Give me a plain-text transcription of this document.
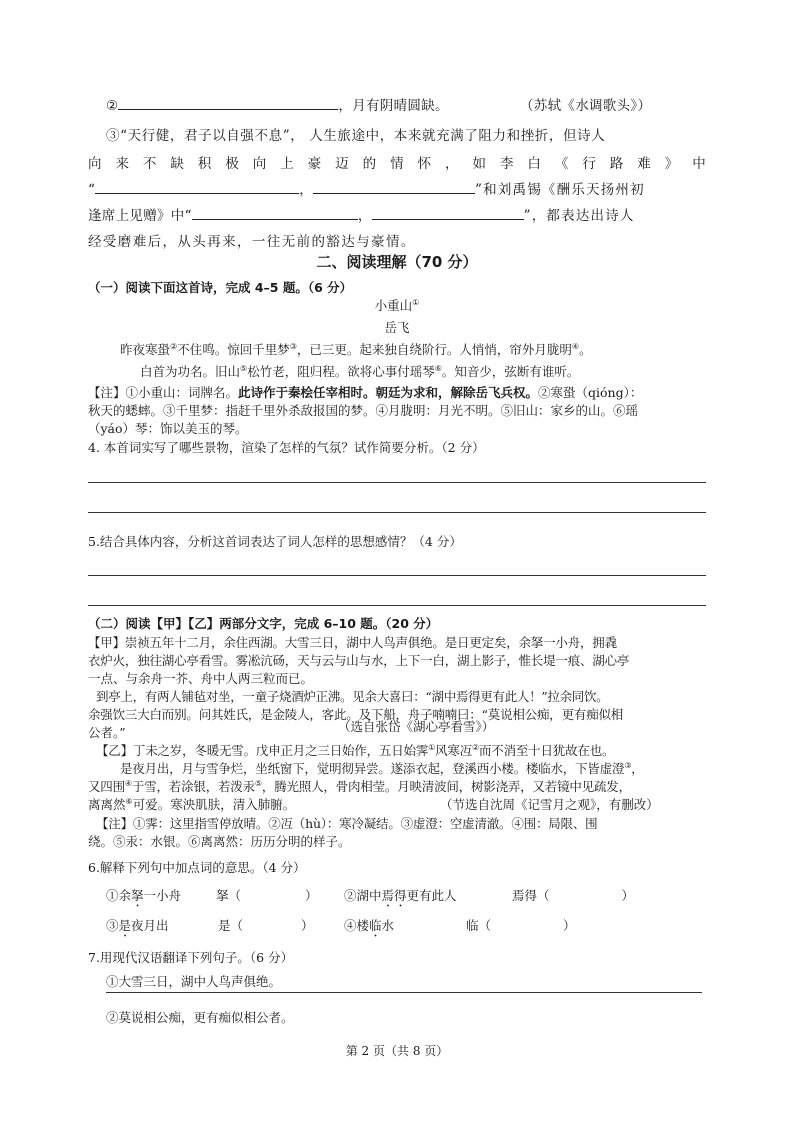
②	，月有阴晴圆缺。	（苏轼《水调歌头》）
③“天行健，君子以自强不息”， 人生旅途中，本来就充满了阻力和挫折，但诗人
向来不缺积极向上豪迈的情怀，如李白《行路难》中
“	，	”和刘禹锡《酬乐天扬州初
逢席上见赠》中“	，	”，都表达出诗人
经受磨难后，从头再来，一往无前的豁达与豪情。
二、阅读理解（70 分）
（一）阅读下面这首诗，完成 4–5 题。（6 分）
小重山①
岳飞
昨夜寒蛩②不住鸣。惊回千里梦③，已三更。起来独自绕阶行。人悄悄，帘外月胧明④。
白首为功名。旧山⑤松竹老，阻归程。欲将心事付瑶琴⑥。知音少，弦断有谁听。
【注】①小重山：词牌名。此诗作于秦桧任宰相时。朝廷为求和，解除岳飞兵权。②寒蛩（qióng）：
秋天的蟋蟀。③千里梦：指赶千里外杀敌报国的梦。④月胧明：月光不明。⑤旧山：家乡的山。⑥瑶
（yáo）琴：饰以美玉的琴。
4. 本首词实写了哪些景物，渲染了怎样的气氛？试作简要分析。（2 分）
5.结合具体内容，分析这首词表达了词人怎样的思想感情？（4 分）
（二）阅读【甲】【乙】两部分文字，完成 6–10 题。（20 分）
【甲】崇祯五年十二月，余住西湖。大雪三日，湖中人鸟声俱绝。是日更定矣，余拏一小舟，拥毳
衣炉火，独往湖心亭看雪。雾凇沆砀，天与云与山与水，上下一白，湖上影子，惟长堤一痕、湖心亭
一点、与余舟一芥、舟中人两三粒而已。
到亭上，有两人铺毡对坐，一童子烧酒炉正沸。见余大喜曰：“湖中焉得更有此人！”拉余同饮。
余强饮三大白而别。问其姓氏，是金陵人，客此。及下船，舟子喃喃曰：“莫说相公痴，更有痴似相
公者。”	（选自张岱《湖心亭看雪》）
【乙】丁未之岁，冬暖无雪。戊申正月之三日始作，五日始霁①风寒冱②而不消至十日犹故在也。
是夜月出，月与雪争烂，坐纸窗下，觉明彻异尝。遂添衣起，登溪西小楼。楼临水，下皆虚澄③，
又四围④于雪，若涂银，若泼汞⑤，腾光照人，骨肉相莹。月映清波间，树影浇弄，又若镜中见疏发，
离离然⑥可爱。寒泱肌肤，清入肺腑。	（节选自沈周《记雪月之观》，有删改）
【注】①霁：这里指雪停放晴。②冱（hù）：寒冷凝结。③虚澄：空虚清澈。④围：局限、围
绕。⑤汞：水银。⑥离离然：历历分明的样子。
6.解释下列句中加点词的意思。（4 分）
①余拏一小舟	拏（	） ②湖中焉得更有此人	焉得（	）
③是夜月出	是（	） ④楼临水	临（	）
7.用现代汉语翻译下列句子。（6 分）
①大雪三日，湖中人鸟声俱绝。
②莫说相公痴，更有痴似相公者。
第 2 页（共 8 页）
